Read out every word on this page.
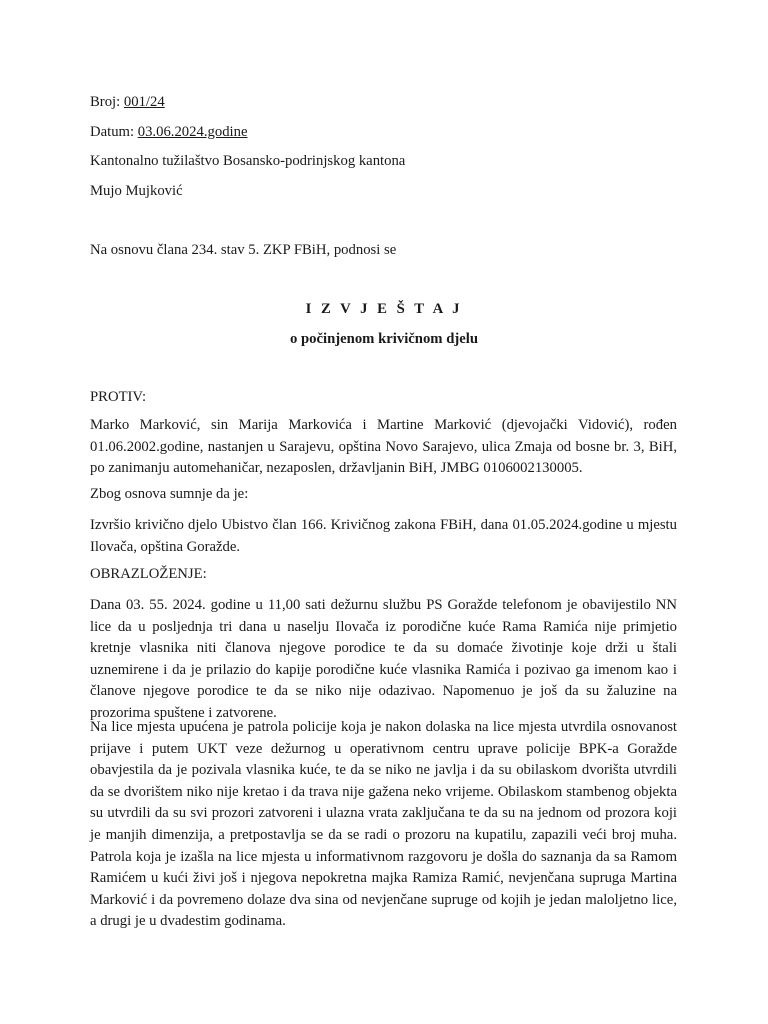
Broj: 001/24
Datum: 03.06.2024.godine
Kantonalno tužilaštvo Bosansko-podrinjskog kantona
Mujo Mujković
Na osnovu člana 234. stav 5. ZKP FBiH, podnosi se
I Z V J E Š T A J
o počinjenom krivičnom djelu
PROTIV:
Marko Marković, sin Marija Markovića i Martine Marković (djevojački Vidović), rođen 01.06.2002.godine, nastanjen u Sarajevu, opština Novo Sarajevo, ulica Zmaja od bosne br. 3, BiH, po zanimanju automehaničar, nezaposlen, državljanin BiH, JMBG 0106002130005.
Zbog osnova sumnje da je:
Izvršio krivično djelo Ubistvo član 166. Krivičnog zakona FBiH, dana 01.05.2024.godine u mjestu Ilovača, opština Goražde.
OBRAZLOŽENJE:
Dana 03. 55. 2024. godine u 11,00 sati dežurnu službu PS Goražde telefonom je obavijestilo NN lice da u posljednja tri dana u naselju Ilovača iz porodične kuće Rama Ramića nije primjetio kretnje vlasnika niti članova njegove porodice te da su domaće životinje koje drži u štali uznemirene i da je prilazio do kapije porodične kuće vlasnika Ramića i pozivao ga imenom kao i članove njegove porodice te da se niko nije odazivao. Napomenuo je još da su žaluzine na prozorima spuštene i zatvorene.
Na lice mjesta upućena je patrola policije koja je nakon dolaska na lice mjesta utvrdila osnovanost prijave i putem UKT veze dežurnog u operativnom centru uprave policije BPK-a Goražde obavjestila da je pozivala vlasnika kuće, te da se niko ne javlja i da su obilaskom dvorišta utvrdili da se dvorištem niko nije kretao i da trava nije gažena neko vrijeme. Obilaskom stambenog objekta su utvrdili da su svi prozori zatvoreni i ulazna vrata zaključana te da su na jednom od prozora koji je manjih dimenzija, a pretpostavlja se da se radi o prozoru na kupatilu, zapazili veći broj muha. Patrola koja je izašla na lice mjesta u informativnom razgovoru je došla do saznanja da sa Ramom Ramićem u kući živi još i njegova nepokretna majka Ramiza Ramić, nevjenčana supruga Martina Marković i da povremeno dolaze dva sina od nevjenčane supruge od kojih je jedan maloljetno lice, a drugi je u dvadestim godinama.
